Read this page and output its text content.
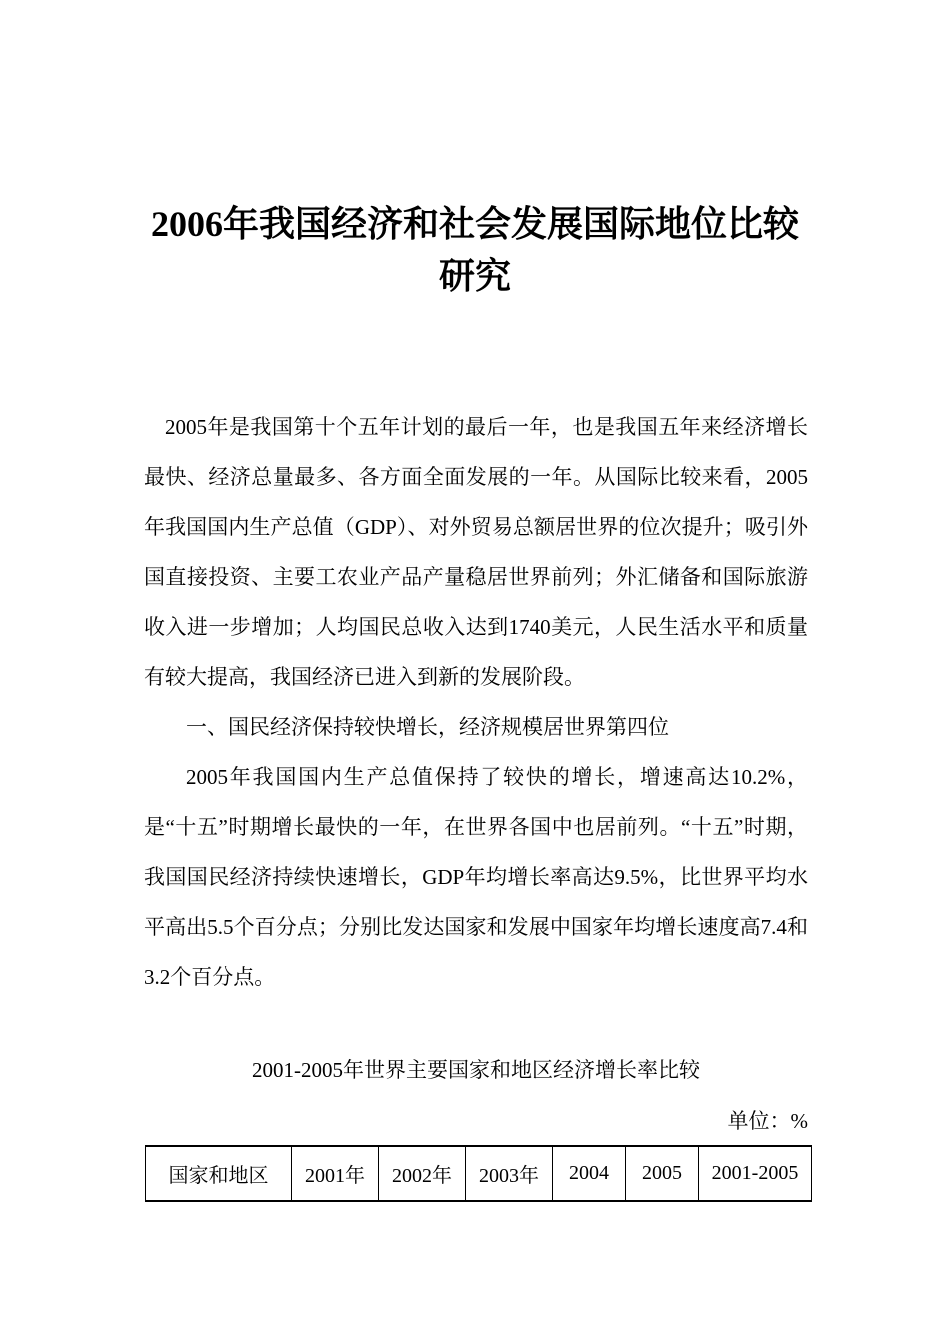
2006年我国经济和社会发展国际地位比较
研究

2005年是我国第十个五年计划的最后一年，也是我国五年来经济增长最快、经济总量最多、各方面全面发展的一年。从国际比较来看，2005年我国国内生产总值（GDP）、对外贸易总额居世界的位次提升；吸引外国直接投资、主要工农业产品产量稳居世界前列；外汇储备和国际旅游收入进一步增加；人均国民总收入达到1740美元，人民生活水平和质量有较大提高，我国经济已进入到新的发展阶段。

一、国民经济保持较快增长，经济规模居世界第四位

2005年我国国内生产总值保持了较快的增长，增速高达10.2%，是“十五”时期增长最快的一年，在世界各国中也居前列。“十五”时期，我国国民经济持续快速增长，GDP年均增长率高达9.5%，比世界平均水平高出5.5个百分点；分别比发达国家和发展中国家年均增长速度高7.4和3.2个百分点。

2001-2005年世界主要国家和地区经济增长率比较
单位：%
国家和地区	2001年	2002年	2003年	2004	2005	2001-2005
